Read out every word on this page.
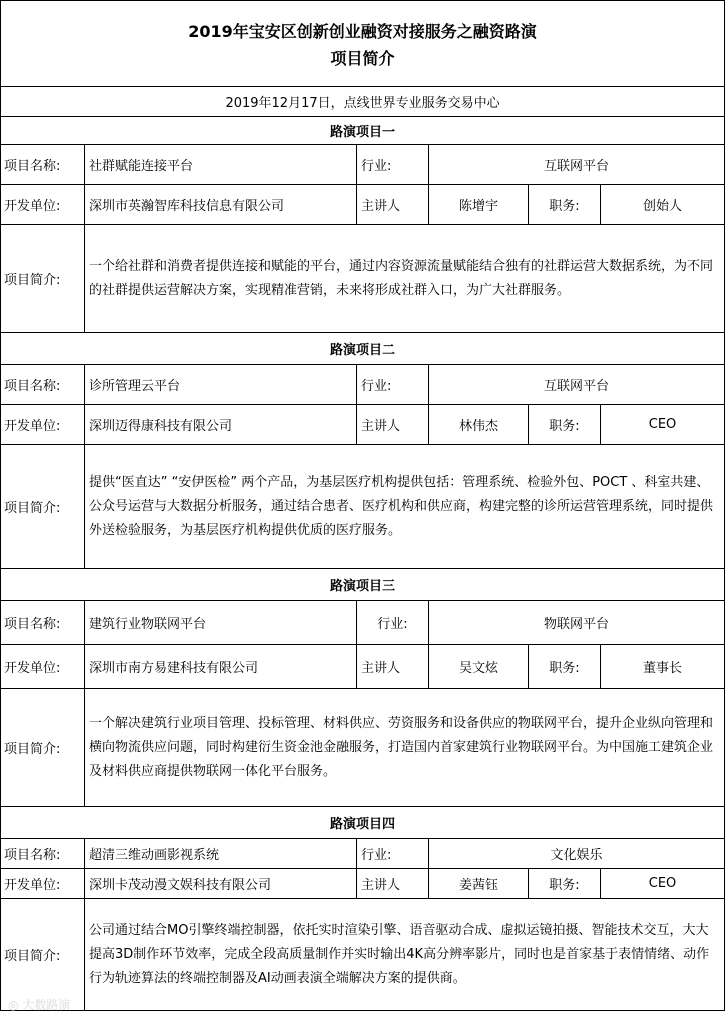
2019年宝安区创新创业融资对接服务之融资路演
项目简介					

2019年12月17日，点线世界专业服务交易中心					
路演项目一					
项目名称:	社群赋能连接平台	行业:	互联网平台		
开发单位:	深圳市英瀚智库科技信息有限公司	主讲人	陈增宇	职务:	创始人
项目简介:	一个给社群和消费者提供连接和赋能的平台，通过内容资源流量赋能结合独有的社群运营大数据系统，为不同的社群提供运营解决方案，实现精准营销，未来将形成社群入口，为广大社群服务。				
路演项目二					
项目名称:	诊所管理云平台	行业:	互联网平台		
开发单位:	深圳迈得康科技有限公司	主讲人	林伟杰	职务:	CEO
项目简介:	提供“医直达” “安伊医检” 两个产品，为基层医疗机构提供包括：管理系统、检验外包、POCT 、科室共建、公众号运营与大数据分析服务，通过结合患者、医疗机构和供应商，构建完整的诊所运营管理系统，同时提供外送检验服务，为基层医疗机构提供优质的医疗服务。				
路演项目三					
项目名称:	建筑行业物联网平台	行业:	物联网平台		
开发单位:	深圳市南方易建科技有限公司	主讲人	吴文炫	职务:	董事长
项目简介:	一个解决建筑行业项目管理、投标管理、材料供应、劳资服务和设备供应的物联网平台，提升企业纵向管理和横向物流供应问题，同时构建衍生资金池金融服务，打造国内首家建筑行业物联网平台。为中国施工建筑企业及材料供应商提供物联网一体化平台服务。				
路演项目四					
项目名称:	超清三维动画影视系统	行业:	文化娱乐		
开发单位:	深圳卡茂动漫文娱科技有限公司	主讲人	姜茜钰	职务:	CEO
项目简介:	公司通过结合MO引擎终端控制器，依托实时渲染引擎、语音驱动合成、虚拟运镜拍摄、智能技术交互，大大提高3D制作环节效率，完成全段高质量制作并实时输出4K高分辨率影片，同时也是首家基于表情情绪、动作行为轨迹算法的终端控制器及AI动画表演全端解决方案的提供商。				
◎ 大数路演
